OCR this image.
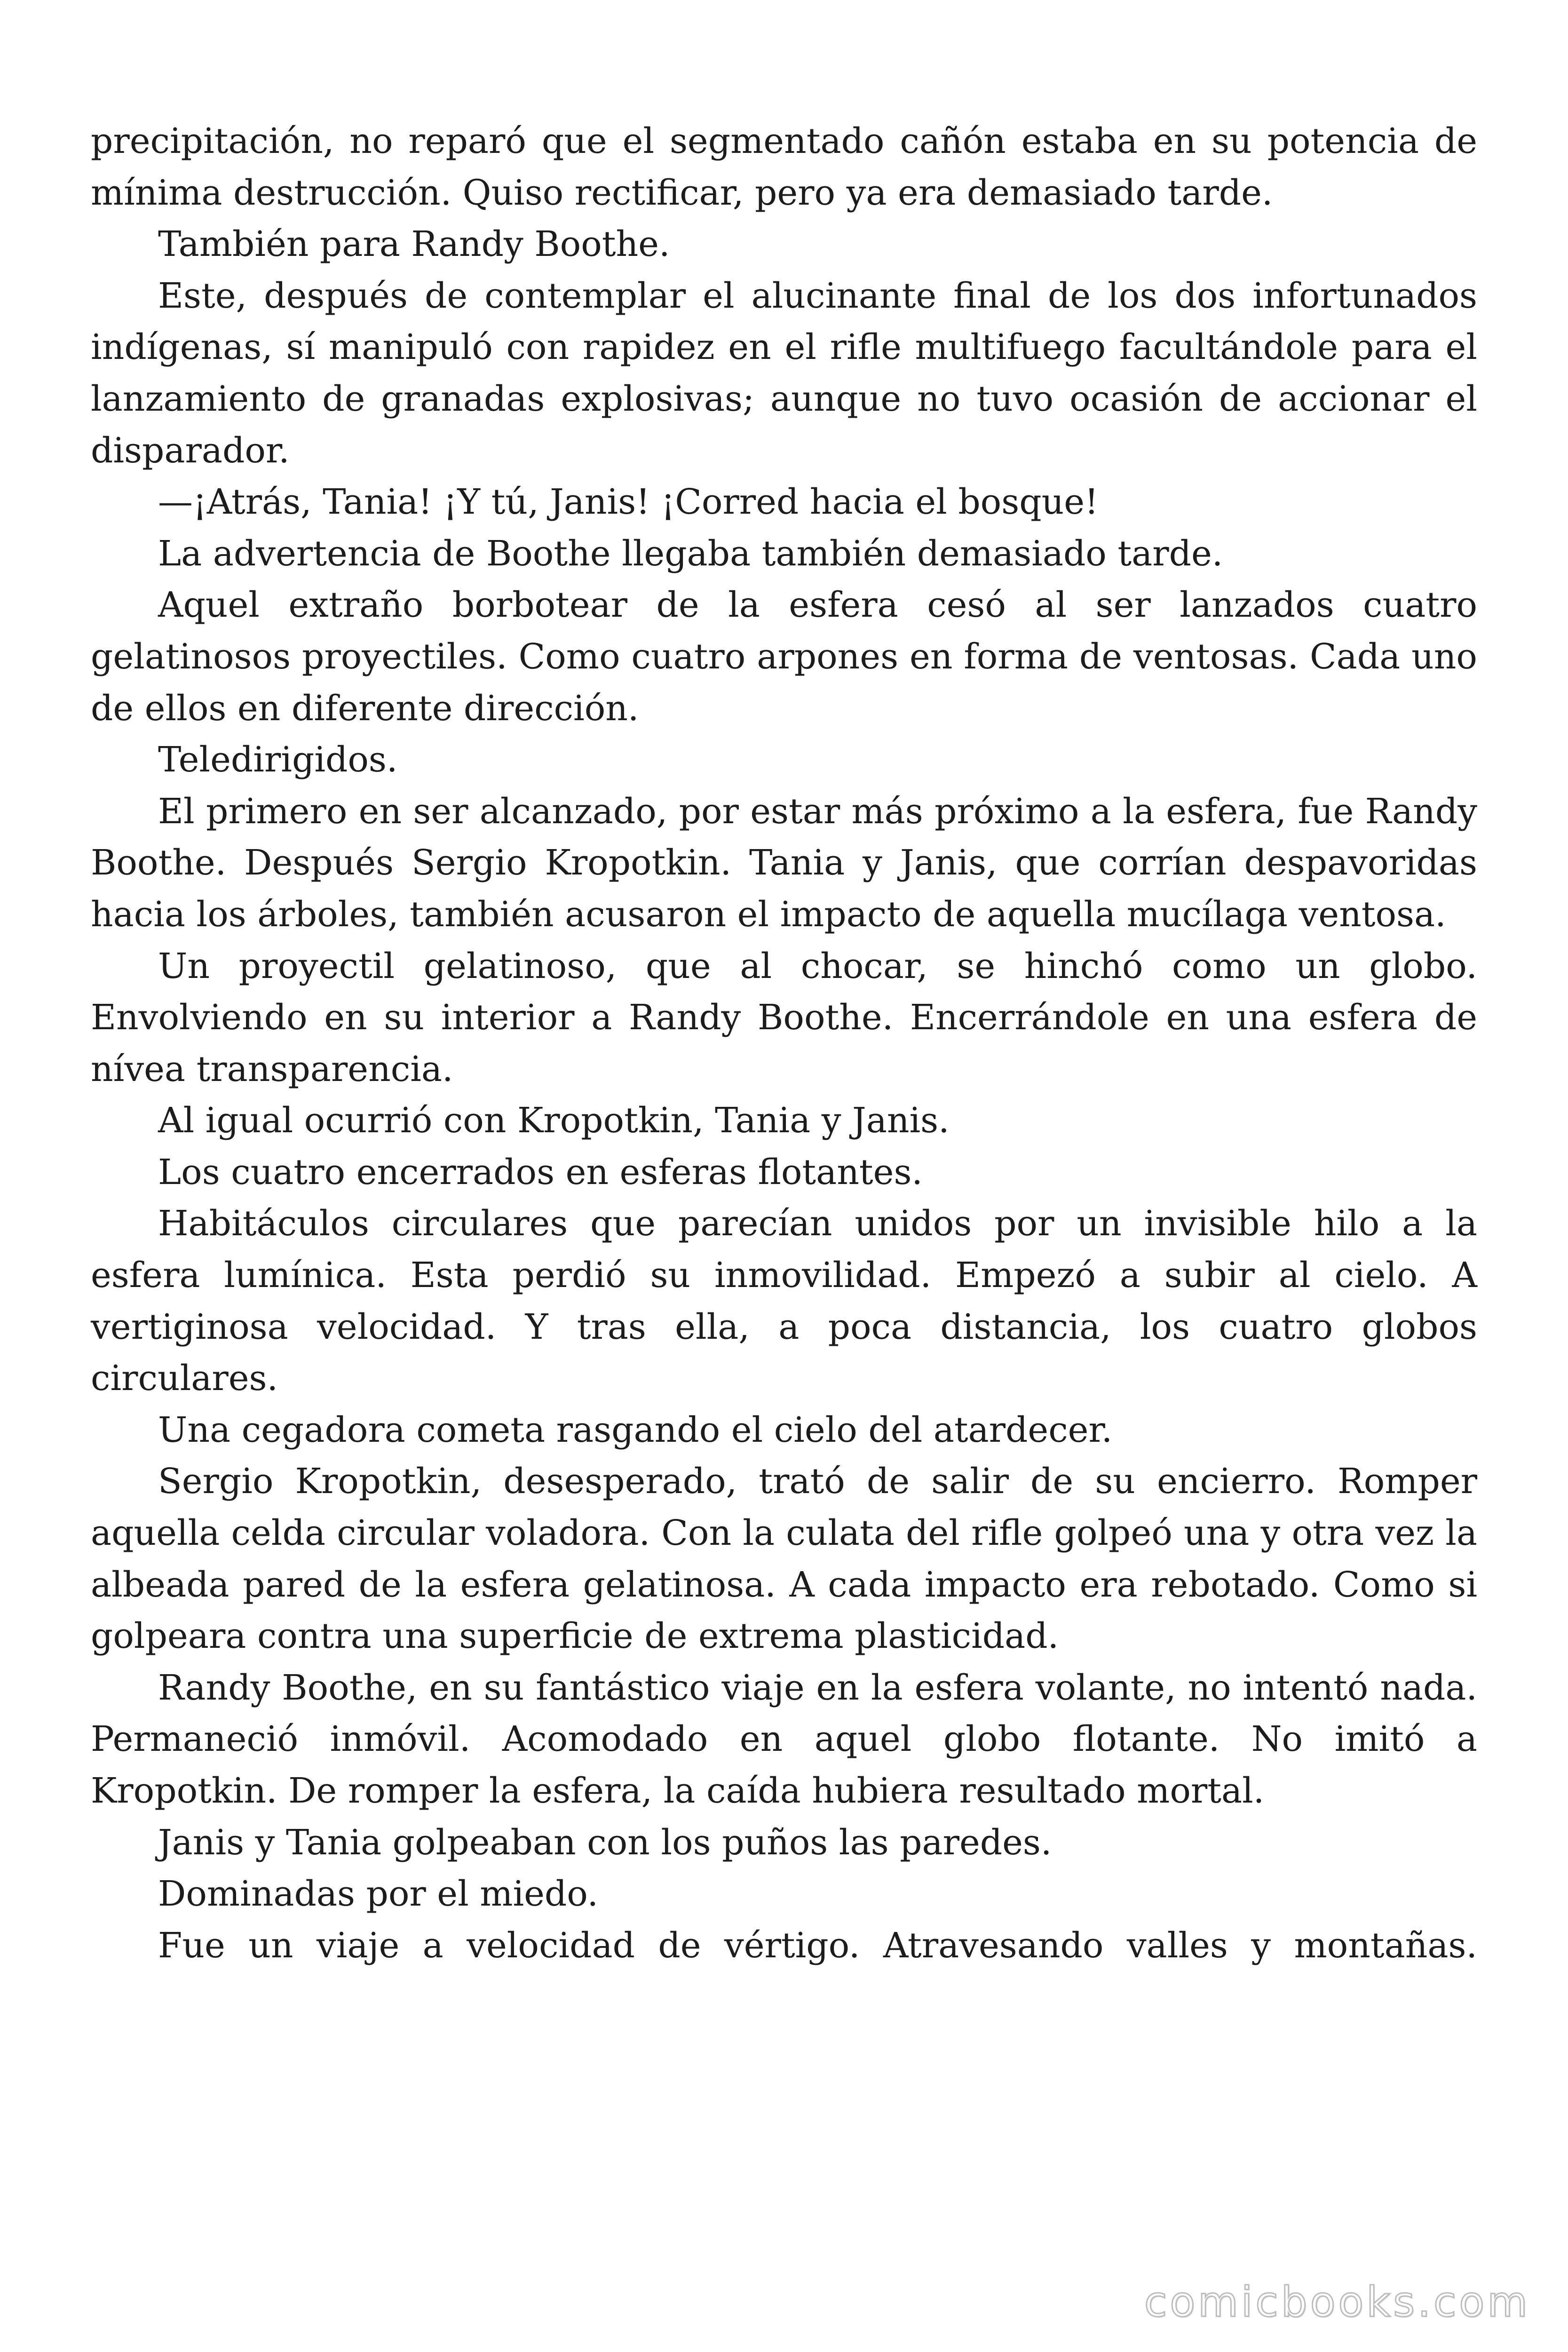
precipitación, no reparó que el segmentado cañón estaba en su potencia de mínima destrucción. Quiso rectificar, pero ya era demasiado tarde.

También para Randy Boothe.

Este, después de contemplar el alucinante final de los dos infortunados indígenas, sí manipuló con rapidez en el rifle multifuego facultándole para el lanzamiento de granadas explosivas; aunque no tuvo ocasión de accionar el disparador.

—¡Atrás, Tania! ¡Y tú, Janis! ¡Corred hacia el bosque!

La advertencia de Boothe llegaba también demasiado tarde.

Aquel extraño borbotear de la esfera cesó al ser lanzados cuatro gelatinosos proyectiles. Como cuatro arpones en forma de ventosas. Cada uno de ellos en diferente dirección.

Teledirigidos.

El primero en ser alcanzado, por estar más próximo a la esfera, fue Randy Boothe. Después Sergio Kropotkin. Tania y Janis, que corrían despavoridas hacia los árboles, también acusaron el impacto de aquella mucílaga ventosa.

Un proyectil gelatinoso, que al chocar, se hinchó como un globo. Envolviendo en su interior a Randy Boothe. Encerrándole en una esfera de nívea transparencia.

Al igual ocurrió con Kropotkin, Tania y Janis.

Los cuatro encerrados en esferas flotantes.

Habitáculos circulares que parecían unidos por un invisible hilo a la esfera lumínica. Esta perdió su inmovilidad. Empezó a subir al cielo. A vertiginosa velocidad. Y tras ella, a poca distancia, los cuatro globos circulares.

Una cegadora cometa rasgando el cielo del atardecer.

Sergio Kropotkin, desesperado, trató de salir de su encierro. Romper aquella celda circular voladora. Con la culata del rifle golpeó una y otra vez la albeada pared de la esfera gelatinosa. A cada impacto era rebotado. Como si golpeara contra una superficie de extrema plasticidad.

Randy Boothe, en su fantástico viaje en la esfera volante, no intentó nada. Permaneció inmóvil. Acomodado en aquel globo flotante. No imitó a Kropotkin. De romper la esfera, la caída hubiera resultado mortal.

Janis y Tania golpeaban con los puños las paredes.

Dominadas por el miedo.

Fue un viaje a velocidad de vértigo. Atravesando valles y montañas.

comicbooks.com
